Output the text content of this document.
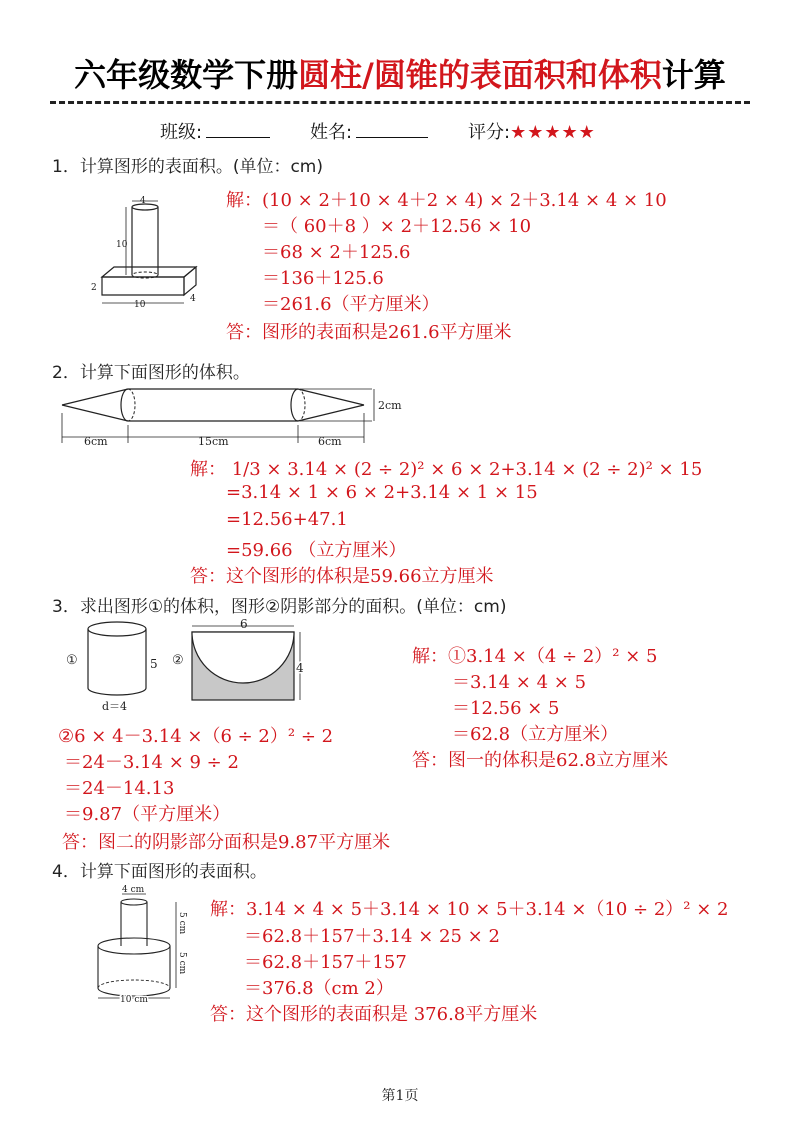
六年级数学下册圆柱/圆锥的表面积和体积计算
班级:	姓名:	评分:★★★★★
1．计算图形的表面积。(单位：cm)
4
10
2
10
4
解：(10 × 2＋10 × 4＋2 × 4) × 2＋3.14 × 4 × 10
＝（ 60＋8 ）× 2＋12.56 × 10
＝68 × 2＋125.6
＝136＋125.6
＝261.6（平方厘米）
答：图形的表面积是261.6平方厘米
2．计算下面图形的体积。
2cm
6cm	15cm	6cm
解： 1/3 × 3.14 × (2 ÷ 2)² × 6 × 2+3.14 × (2 ÷ 2)² × 15
=3.14 × 1 × 6 × 2+3.14 × 1 × 15
=12.56+47.1
=59.66 （立方厘米）
答：这个图形的体积是59.66立方厘米
3．求出图形①的体积，图形②阴影部分的面积。(单位：cm)
①	5
d＝4
②
6
4
解：①3.14 ×（4 ÷ 2）² × 5
＝3.14 × 4 × 5
＝12.56 × 5
＝62.8（立方厘米）
答：图一的体积是62.8立方厘米
②6 × 4－3.14 ×（6 ÷ 2）² ÷ 2
＝24－3.14 × 9 ÷ 2
＝24－14.13
＝9.87（平方厘米）
答：图二的阴影部分面积是9.87平方厘米
4．计算下面图形的表面积。
4 cm
5 cm
5 cm
10 cm
解：3.14 × 4 × 5＋3.14 × 10 × 5＋3.14 ×（10 ÷ 2）² × 2
＝62.8＋157＋3.14 × 25 × 2
＝62.8＋157＋157
＝376.8（cm 2）
答：这个图形的表面积是 376.8平方厘米
第1页
